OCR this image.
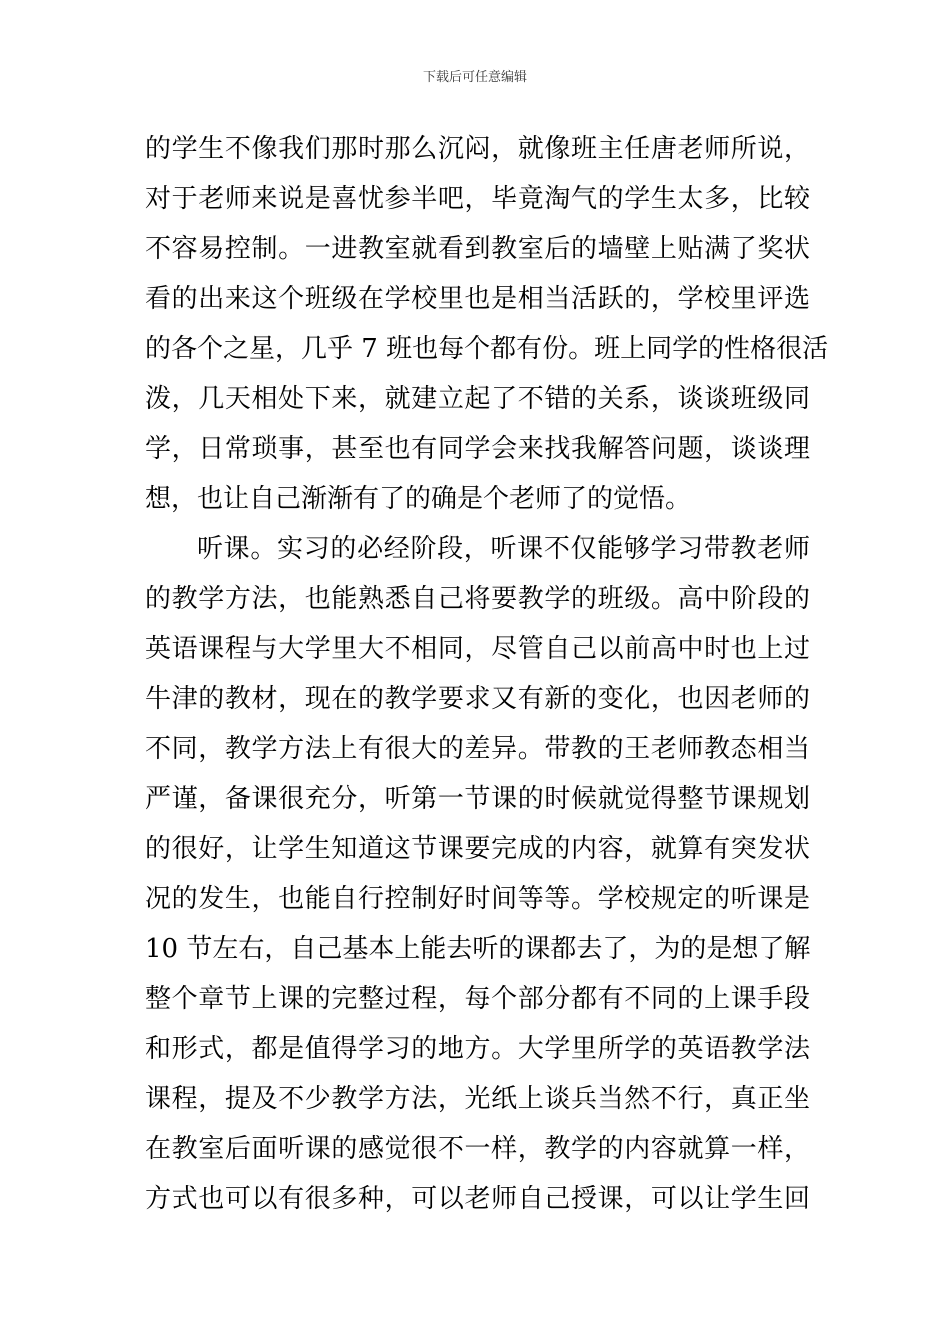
下载后可任意编辑
的学生不像我们那时那么沉闷，就像班主任唐老师所说，
对于老师来说是喜忧参半吧，毕竟淘气的学生太多，比较
不容易控制。一进教室就看到教室后的墙壁上贴满了奖状
看的出来这个班级在学校里也是相当活跃的，学校里评选
的各个之星，几乎 7 班也每个都有份。班上同学的性格很活
泼，几天相处下来，就建立起了不错的关系，谈谈班级同
学，日常琐事，甚至也有同学会来找我解答问题，谈谈理
想，也让自己渐渐有了的确是个老师了的觉悟。
听课。实习的必经阶段，听课不仅能够学习带教老师
的教学方法，也能熟悉自己将要教学的班级。高中阶段的
英语课程与大学里大不相同，尽管自己以前高中时也上过
牛津的教材，现在的教学要求又有新的变化，也因老师的
不同，教学方法上有很大的差异。带教的王老师教态相当
严谨，备课很充分，听第一节课的时候就觉得整节课规划
的很好，让学生知道这节课要完成的内容，就算有突发状
况的发生，也能自行控制好时间等等。学校规定的听课是
10 节左右，自己基本上能去听的课都去了，为的是想了解
整个章节上课的完整过程，每个部分都有不同的上课手段
和形式，都是值得学习的地方。大学里所学的英语教学法
课程，提及不少教学方法，光纸上谈兵当然不行，真正坐
在教室后面听课的感觉很不一样，教学的内容就算一样，
方式也可以有很多种，可以老师自己授课，可以让学生回
